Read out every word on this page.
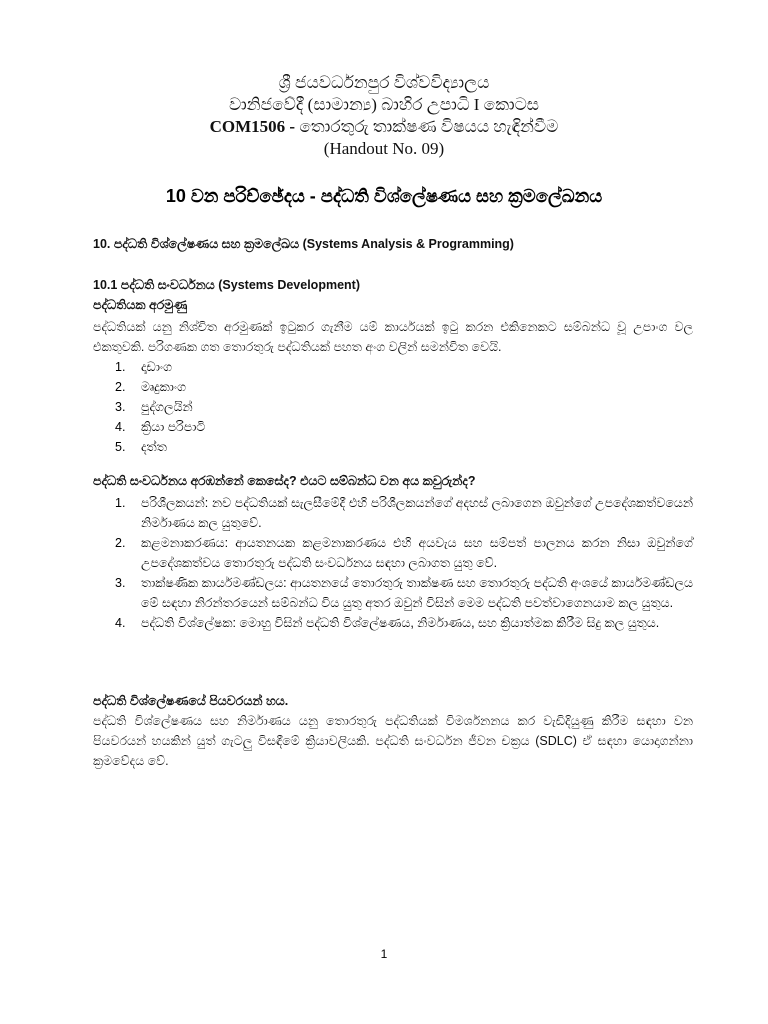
ශ්‍රී ජයවර්ධනපුර විශ්වවිද්‍යාලය
වානිජවේදී (සාමාන්‍ය) බාහිර උපාධි I කොටස
COM1506 - තොරතුරු තාක්ෂණ විෂයය හැඳින්වීම
(Handout No. 09)
10 වන පරිච්ඡේදය - පද්ධති විශ්ලේෂණය සහ ක්‍රමලේඛනය
10. පද්ධති විශ්ලේෂණය සහ ක්‍රමලේඛය (Systems Analysis & Programming)
10.1 පද්ධති සංවර්ධනය (Systems Development)
පද්ධතියක අරමුණු
පද්ධතියක් යනු නිශ්චිත අරමුණක් ඉටුකර ගැනීම යම් කාර්යයක් ඉටු කරන එකිනෙකට සම්බන්ධ වූ උපාංග වල එකතුවකි. පරිගණක ගත තොරතුරු පද්ධතියක් පහත අංග වලින් සමන්විත වෙයි.
1. දෘඩාංග
2. මෘදුකාංග
3. පුද්ගලයින්
4. ක්‍රියා පරිපාටි
5. දත්ත
පද්ධති සංවර්ධනය අරඹන්නේ කෙසේද? එයට සම්බන්ධ වන අය කවුරුන්ද?
1. පරිශීලකයන්: නව පද්ධතියක් සැලසීමේදී එහි පරිශීලකයන්ගේ අදහස් ලබාගෙන ඔවුන්ගේ උපදේශකත්වයෙන් නිර්මාණය කල යුතුවේ.
2. කළමනාකරණය: ආයතනයක කළමනාකරණය එහි අයවැය සහ සම්පත් පාලනය කරන නිසා ඔවුන්ගේ උපදේශකත්වය තොරතුරු පද්ධති සංවර්ධනය සඳහා ලබාගත යුතු වේ.
3. තාක්ෂණික කාර්යමණ්ඩලය: ආයතනයේ තොරතුරු තාක්ෂණ සහ තොරතුරු පද්ධති අංශයේ කාර්යමණ්ඩලය මේ සඳහා නිරන්තරයෙන් සම්බන්ධ විය යුතු අතර ඔවුන් විසින් මෙම පද්ධති පවත්වාගෙනයාම කල යුතුය.
4. පද්ධති විශ්ලේෂක: මොහු විසින් පද්ධති විශ්ලේෂණය, නිර්මාණය, සහ ක්‍රියාත්මක කිරීම සිදු කල යුතුය.
පද්ධති විශ්ලේෂණයේ පියවරයන් හය.
පද්ධති විශ්ලේෂණය සහ නිර්මාණය යනු තොරතුරු පද්ධතියක් විමර්ශනනය කර වැඩිදියුණු කිරීම සඳහා වන පියවරයන් හයකින් යුත් ගැටලු විසඳීමේ ක්‍රියාවලියකි. පද්ධති සංවර්ධන ජීවන චක්‍රය (SDLC) ඒ සඳහා යොදාගන්නා ක්‍රමවේදය වේ.
1
